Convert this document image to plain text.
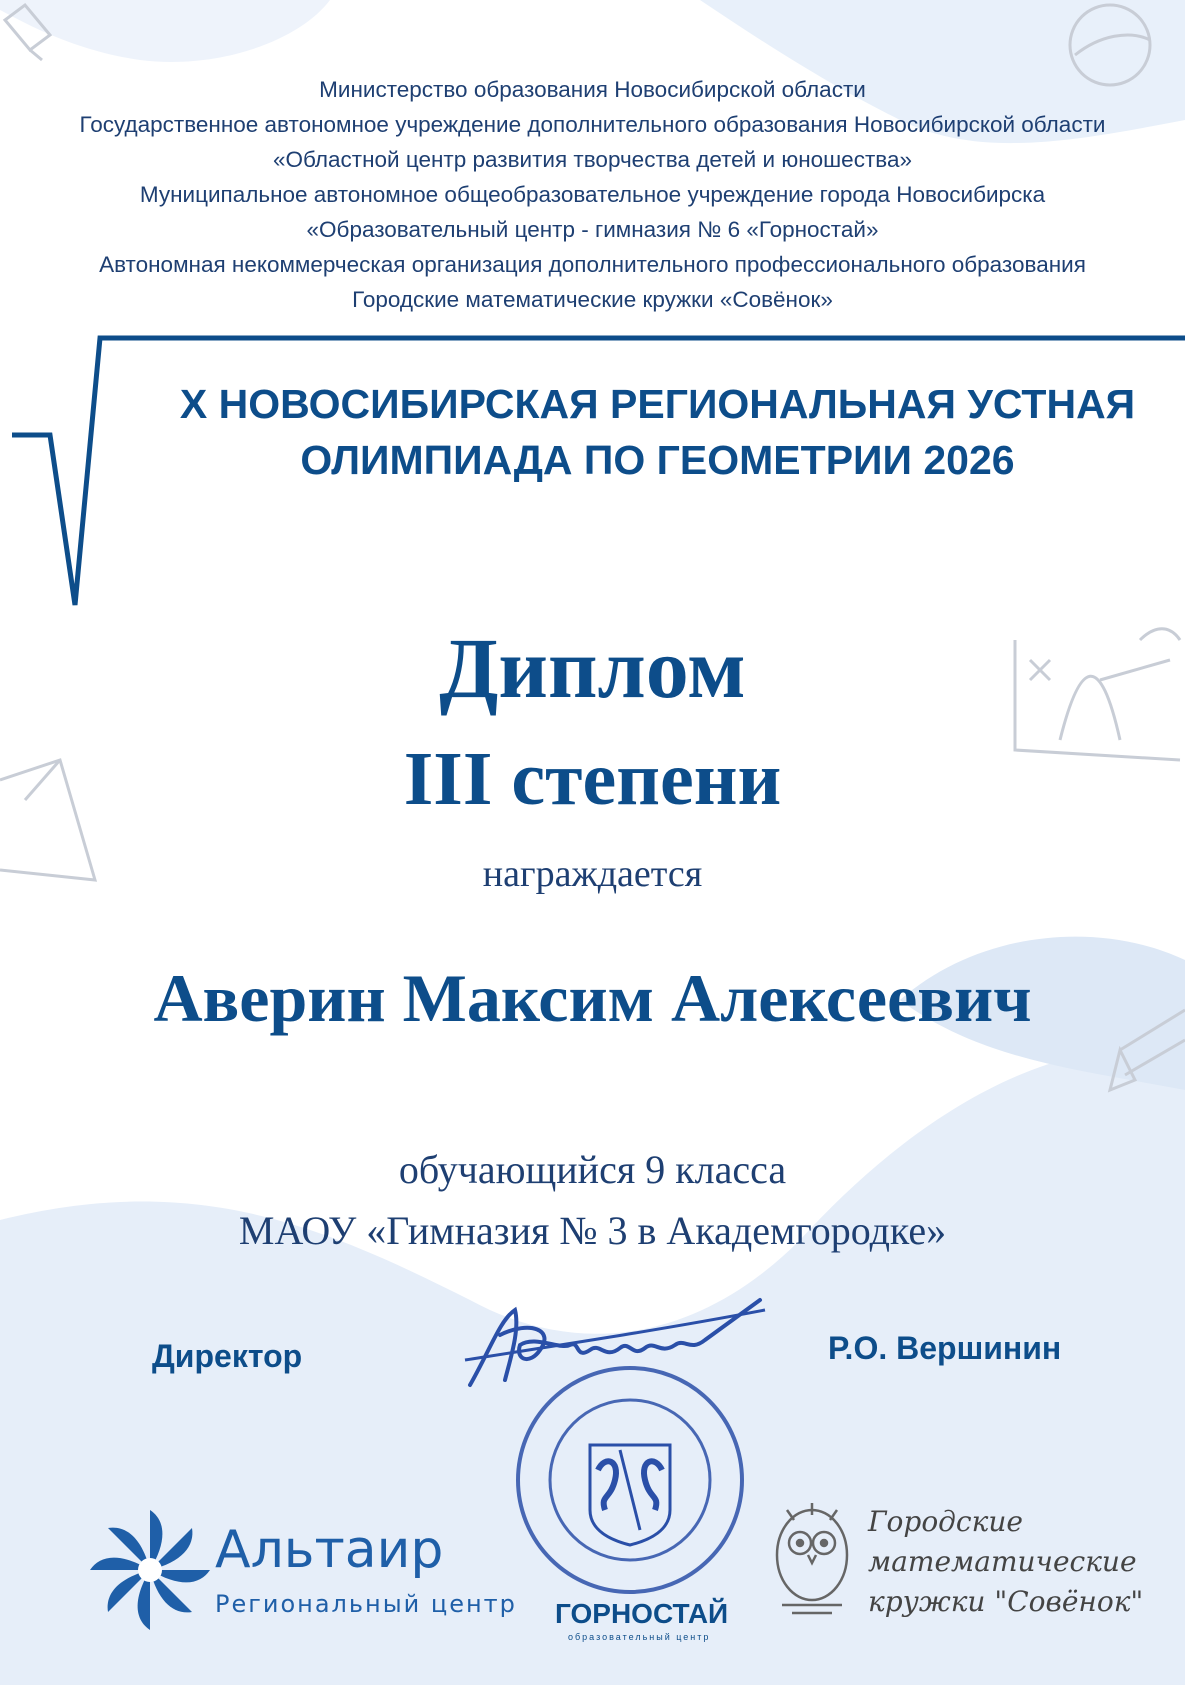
Министерство образования Новосибирской области
Государственное автономное учреждение дополнительного образования Новосибирской области
«Областной центр развития творчества детей и юношества»
Муниципальное автономное общеобразовательное учреждение города Новосибирска
«Образовательный центр - гимназия № 6 «Горностай»
Автономная некоммерческая организация дополнительного профессионального образования
Городские математические кружки «Совёнок»
X НОВОСИБИРСКАЯ РЕГИОНАЛЬНАЯ УСТНАЯ
ОЛИМПИАДА ПО ГЕОМЕТРИИ 2026
Диплом
III степени
награждается
Аверин Максим Алексеевич
обучающийся 9 класса
МАОУ «Гимназия № 3 в Академгородке»
Директор	Р.О. Вершинин
Альтаир
Региональный центр ГОРНОСТАЙ
образовательный центр
Городские
математические
кружки "Совёнок"
